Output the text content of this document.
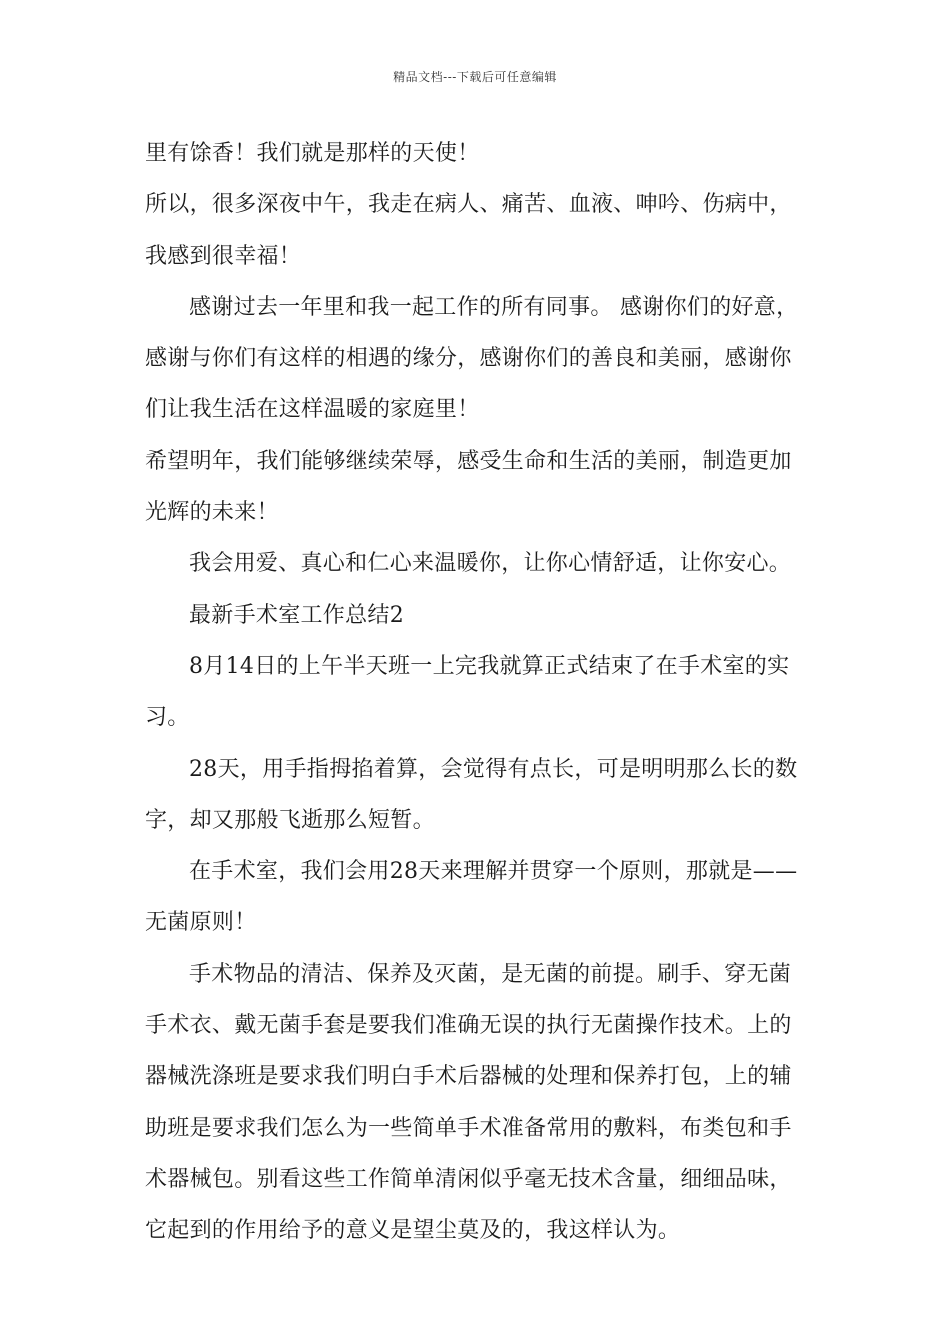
精品文档---下载后可任意编辑
里有馀香！我们就是那样的天使！
所以，很多深夜中午，我走在病人、痛苦、血液、呻吟、伤病中，
我感到很幸福！
感谢过去一年里和我一起工作的所有同事。 感谢你们的好意，
感谢与你们有这样的相遇的缘分，感谢你们的善良和美丽，感谢你
们让我生活在这样温暖的家庭里！
希望明年，我们能够继续荣辱，感受生命和生活的美丽，制造更加
光辉的未来！
我会用爱、真心和仁心来温暖你，让你心情舒适，让你安心。
最新手术室工作总结2
8月14日的上午半天班一上完我就算正式结束了在手术室的实
习。
28天，用手指拇掐着算，会觉得有点长，可是明明那么长的数
字，却又那般飞逝那么短暂。
在手术室，我们会用28天来理解并贯穿一个原则，那就是——
无菌原则！
手术物品的清洁、保养及灭菌，是无菌的前提。刷手、穿无菌
手术衣、戴无菌手套是要我们准确无误的执行无菌操作技术。上的
器械洗涤班是要求我们明白手术后器械的处理和保养打包，上的辅
助班是要求我们怎么为一些简单手术准备常用的敷料，布类包和手
术器械包。别看这些工作简单清闲似乎毫无技术含量，细细品味，
它起到的作用给予的意义是望尘莫及的，我这样认为。
